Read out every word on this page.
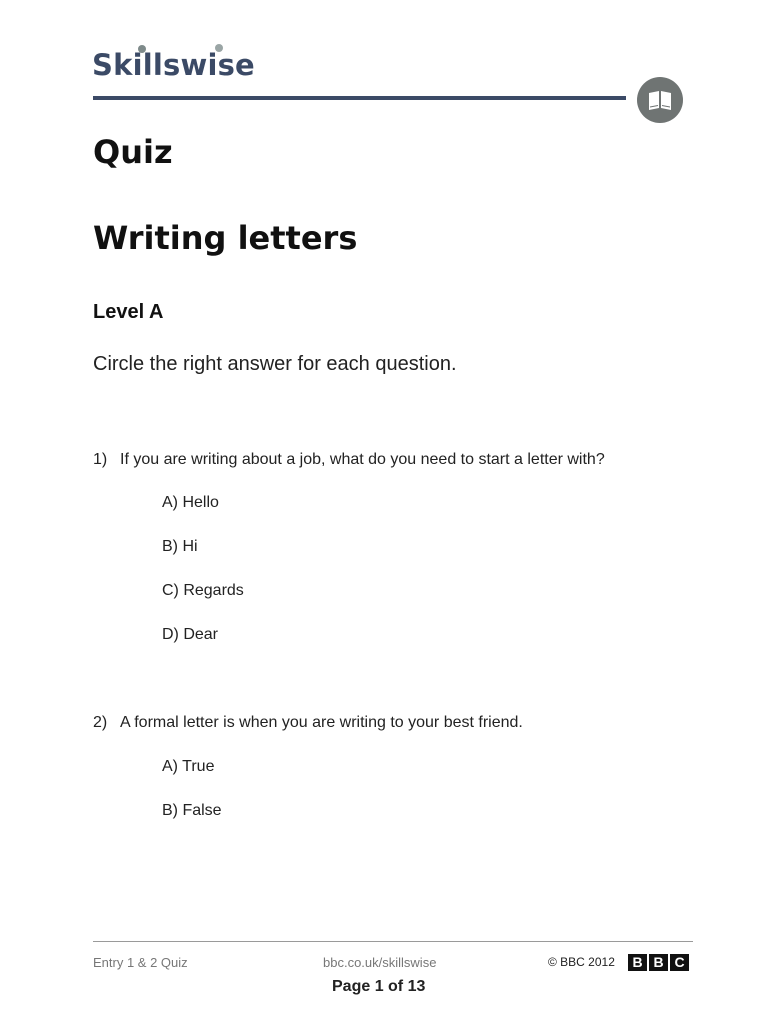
Skillswise
Quiz
Writing letters
Level A
Circle the right answer for each question.
1) If you are writing about a job, what do you need to start a letter with?
A) Hello
B) Hi
C) Regards
D) Dear
2) A formal letter is when you are writing to your best friend.
A) True
B) False
Entry 1 & 2 Quiz	bbc.co.uk/skillswise	© BBC 2012	B B C
Page 1 of 13
